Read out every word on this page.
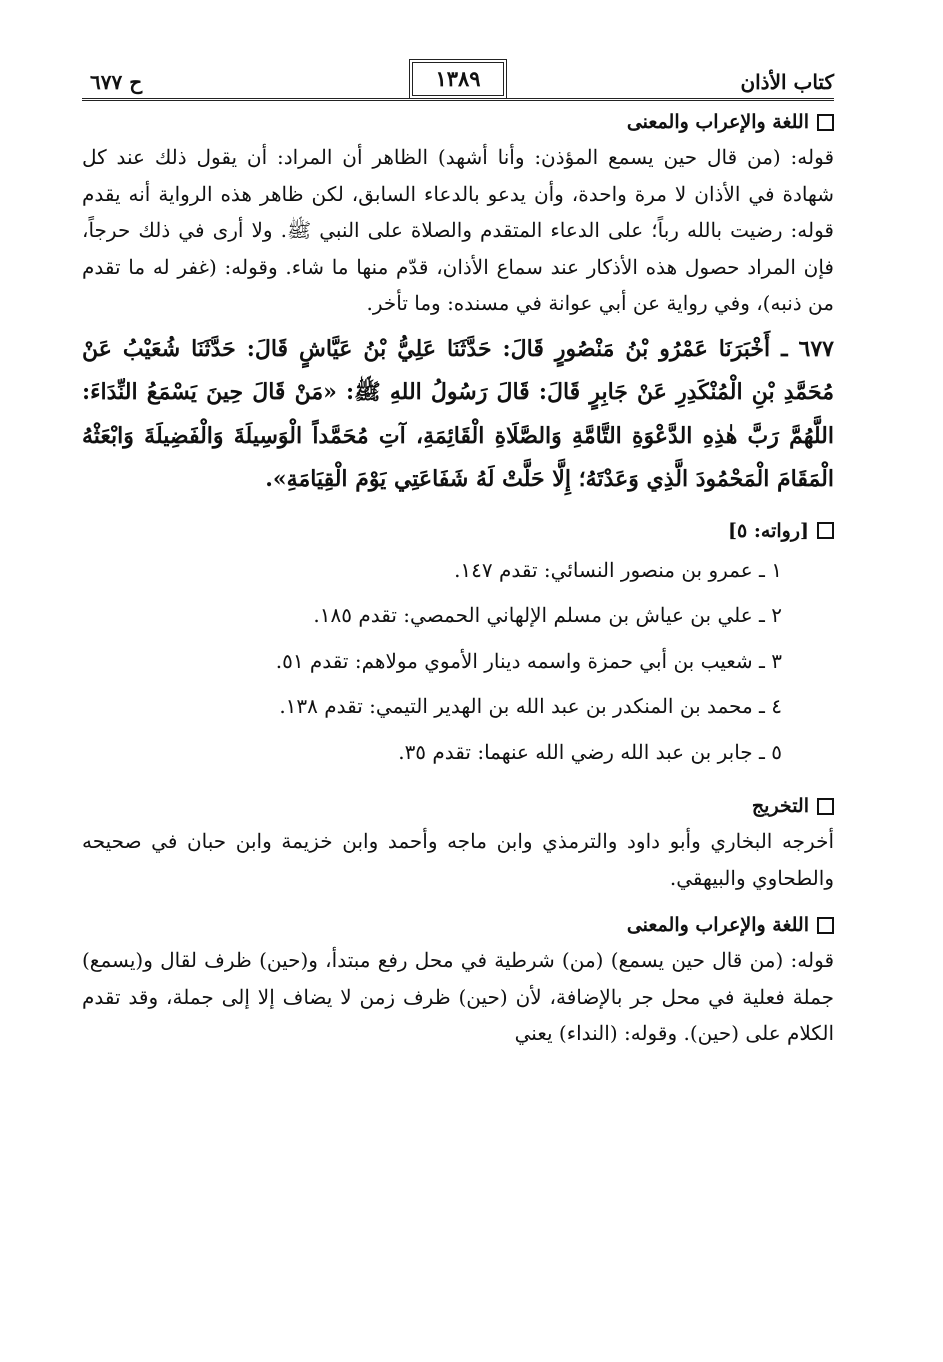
كتاب الأذان
١٣٨٩
ح ٦٧٧
اللغة والإعراب والمعنى

قوله: (من قال حين يسمع المؤذن: وأنا أشهد) الظاهر أن المراد: أن يقول ذلك عند كل شهادة في الأذان لا مرة واحدة، وأن يدعو بالدعاء السابق، لكن ظاهر هذه الرواية أنه يقدم قوله: رضيت بالله رباً؛ على الدعاء المتقدم والصلاة على النبي ﷺ. ولا أرى في ذلك حرجاً، فإن المراد حصول هذه الأذكار عند سماع الأذان، قدّم منها ما شاء. وقوله: (غفر له ما تقدم من ذنبه)، وفي رواية عن أبي عوانة في مسنده: وما تأخر.

٦٧٧ ـ أَخْبَرَنَا عَمْرُو بْنُ مَنْصُورٍ قَالَ: حَدَّثَنَا عَلِيُّ بْنُ عَيَّاشٍ قَالَ: حَدَّثَنَا شُعَيْبُ عَنْ مُحَمَّدِ بْنِ الْمُنْكَدِرِ عَنْ جَابِرٍ قَالَ: قَالَ رَسُولُ اللهِ ﷺ: «مَنْ قَالَ حِينَ يَسْمَعُ النِّدَاءَ: اللَّهُمَّ رَبَّ هٰذِهِ الدَّعْوَةِ التَّامَّةِ وَالصَّلَاةِ الْقَائِمَةِ، آتِ مُحَمَّداً الْوَسِيلَةَ وَالْفَضِيلَةَ وَابْعَثْهُ الْمَقَامَ الْمَحْمُودَ الَّذِي وَعَدْتَهُ؛ إِلَّا حَلَّتْ لَهُ شَفَاعَتِي يَوْمَ الْقِيَامَةِ».

[رواته: ٥]
١ ـ عمرو بن منصور النسائي: تقدم ١٤٧.
٢ ـ علي بن عياش بن مسلم الإلهاني الحمصي: تقدم ١٨٥.
٣ ـ شعيب بن أبي حمزة واسمه دينار الأموي مولاهم: تقدم ٥١.
٤ ـ محمد بن المنكدر بن عبد الله بن الهدير التيمي: تقدم ١٣٨.
٥ ـ جابر بن عبد الله رضي الله عنهما: تقدم ٣٥.
التخريج

أخرجه البخاري وأبو داود والترمذي وابن ماجه وأحمد وابن خزيمة وابن حبان في صحيحه والطحاوي والبيهقي.

اللغة والإعراب والمعنى

قوله: (من قال حين يسمع) (من) شرطية في محل رفع مبتدأ، و(حين) ظرف لقال و(يسمع) جملة فعلية في محل جر بالإضافة، لأن (حين) ظرف زمن لا يضاف إلا إلى جملة، وقد تقدم الكلام على (حين). وقوله: (النداء) يعني
